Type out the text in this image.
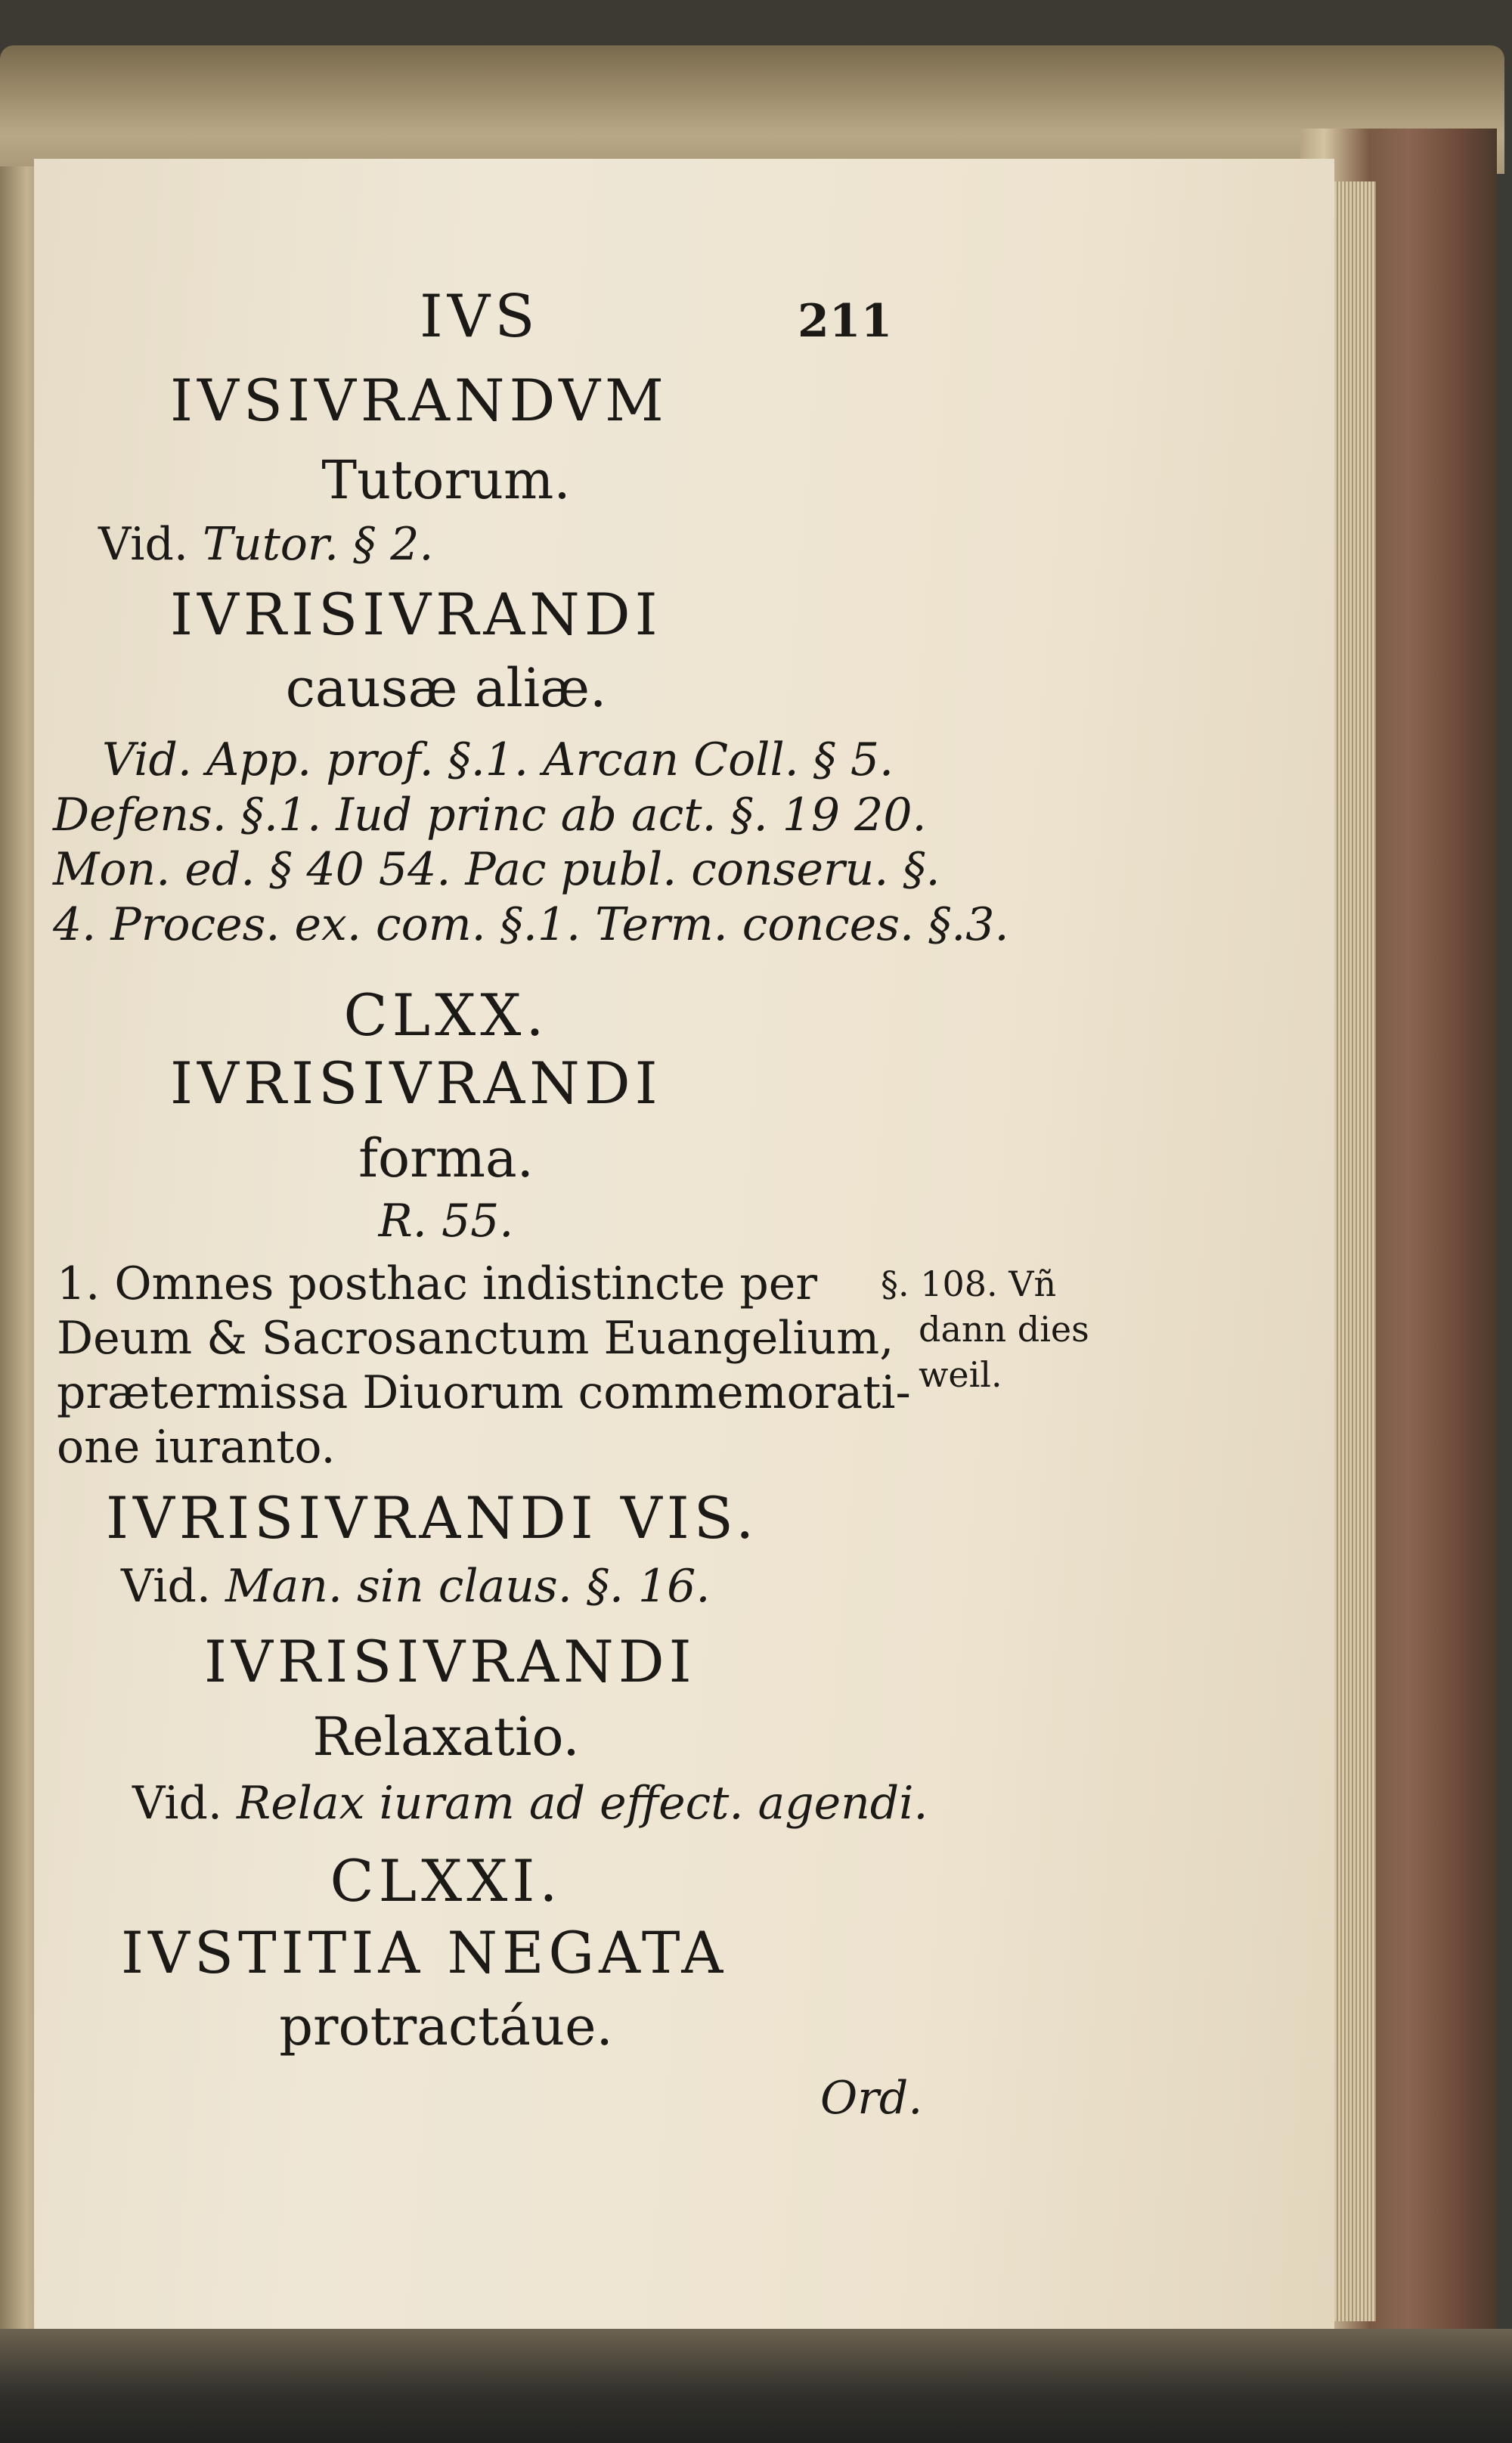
IVS	211

IVSIVRANDVM

Tutorum.

Vid. Tutor. § 2.

IVRISIVRANDI

causæ aliæ.

Vid. App. prof. §.1. Arcan Coll. § 5.

Defens. §.1. Iud princ ab act. §. 19 20.

Mon. ed. § 40 54. Pac publ. conseru. §.

4. Proces. ex. com. §.1. Term. conces. §.3.

CLXX.

IVRISIVRANDI

forma.

R. 55.

1. Omnes posthac indistincte per

Deum & Sacrosanctum Euangelium,

prætermissa Diuorum commemorati-

one iuranto.

§. 108. Vñ

dann dies

weil.

IVRISIVRANDI VIS.

Vid. Man. sin claus. §. 16.

IVRISIVRANDI

Relaxatio.

Vid. Relax iuram ad effect. agendi.

CLXXI.

IVSTITIA NEGATA

protractáue.

Ord.
